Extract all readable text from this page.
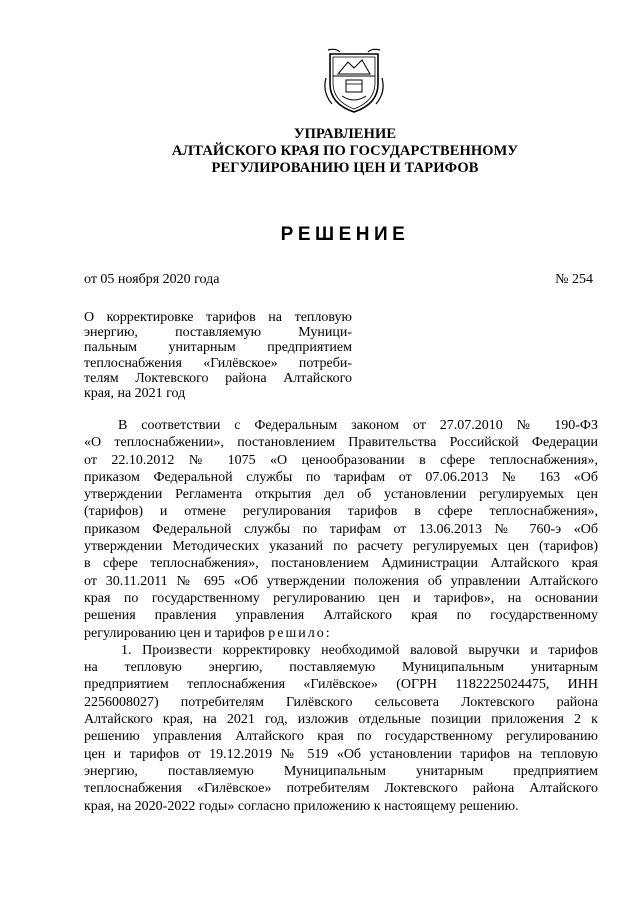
УПРАВЛЕНИЕ
АЛТАЙСКОГО КРАЯ ПО ГОСУДАРСТВЕННОМУ
РЕГУЛИРОВАНИЮ ЦЕН И ТАРИФОВ
РЕШЕНИЕ
от 05 ноября 2020 года	№ 254
О корректировке тарифов на тепловую
энергию, поставляемую Муници-
пальным унитарным предприятием
теплоснабжения «Гилёвское» потреби-
телям Локтевского района Алтайского
края, на 2021 год
В соответствии с Федеральным законом от 27.07.2010 № 190-ФЗ
«О теплоснабжении», постановлением Правительства Российской Федерации
от 22.10.2012 № 1075 «О ценообразовании в сфере теплоснабжения»,
приказом Федеральной службы по тарифам от 07.06.2013 № 163 «Об
утверждении Регламента открытия дел об установлении регулируемых цен
(тарифов) и отмене регулирования тарифов в сфере теплоснабжения»,
приказом Федеральной службы по тарифам от 13.06.2013 № 760-э «Об
утверждении Методических указаний по расчету регулируемых цен (тарифов)
в сфере теплоснабжения», постановлением Администрации Алтайского края
от 30.11.2011 № 695 «Об утверждении положения об управлении Алтайского
края по государственному регулированию цен и тарифов», на основании
решения правления управления Алтайского края по государственному
регулированию цен и тарифов решило:
1. Произвести корректировку необходимой валовой выручки и тарифов
на тепловую энергию, поставляемую Муниципальным унитарным
предприятием теплоснабжения «Гилёвское» (ОГРН 1182225024475, ИНН
2256008027) потребителям Гилёвского сельсовета Локтевского района
Алтайского края, на 2021 год, изложив отдельные позиции приложения 2 к
решению управления Алтайского края по государственному регулированию
цен и тарифов от 19.12.2019 № 519 «Об установлении тарифов на тепловую
энергию, поставляемую Муниципальным унитарным предприятием
теплоснабжения «Гилёвское» потребителям Локтевского района Алтайского
края, на 2020-2022 годы» согласно приложению к настоящему решению.
